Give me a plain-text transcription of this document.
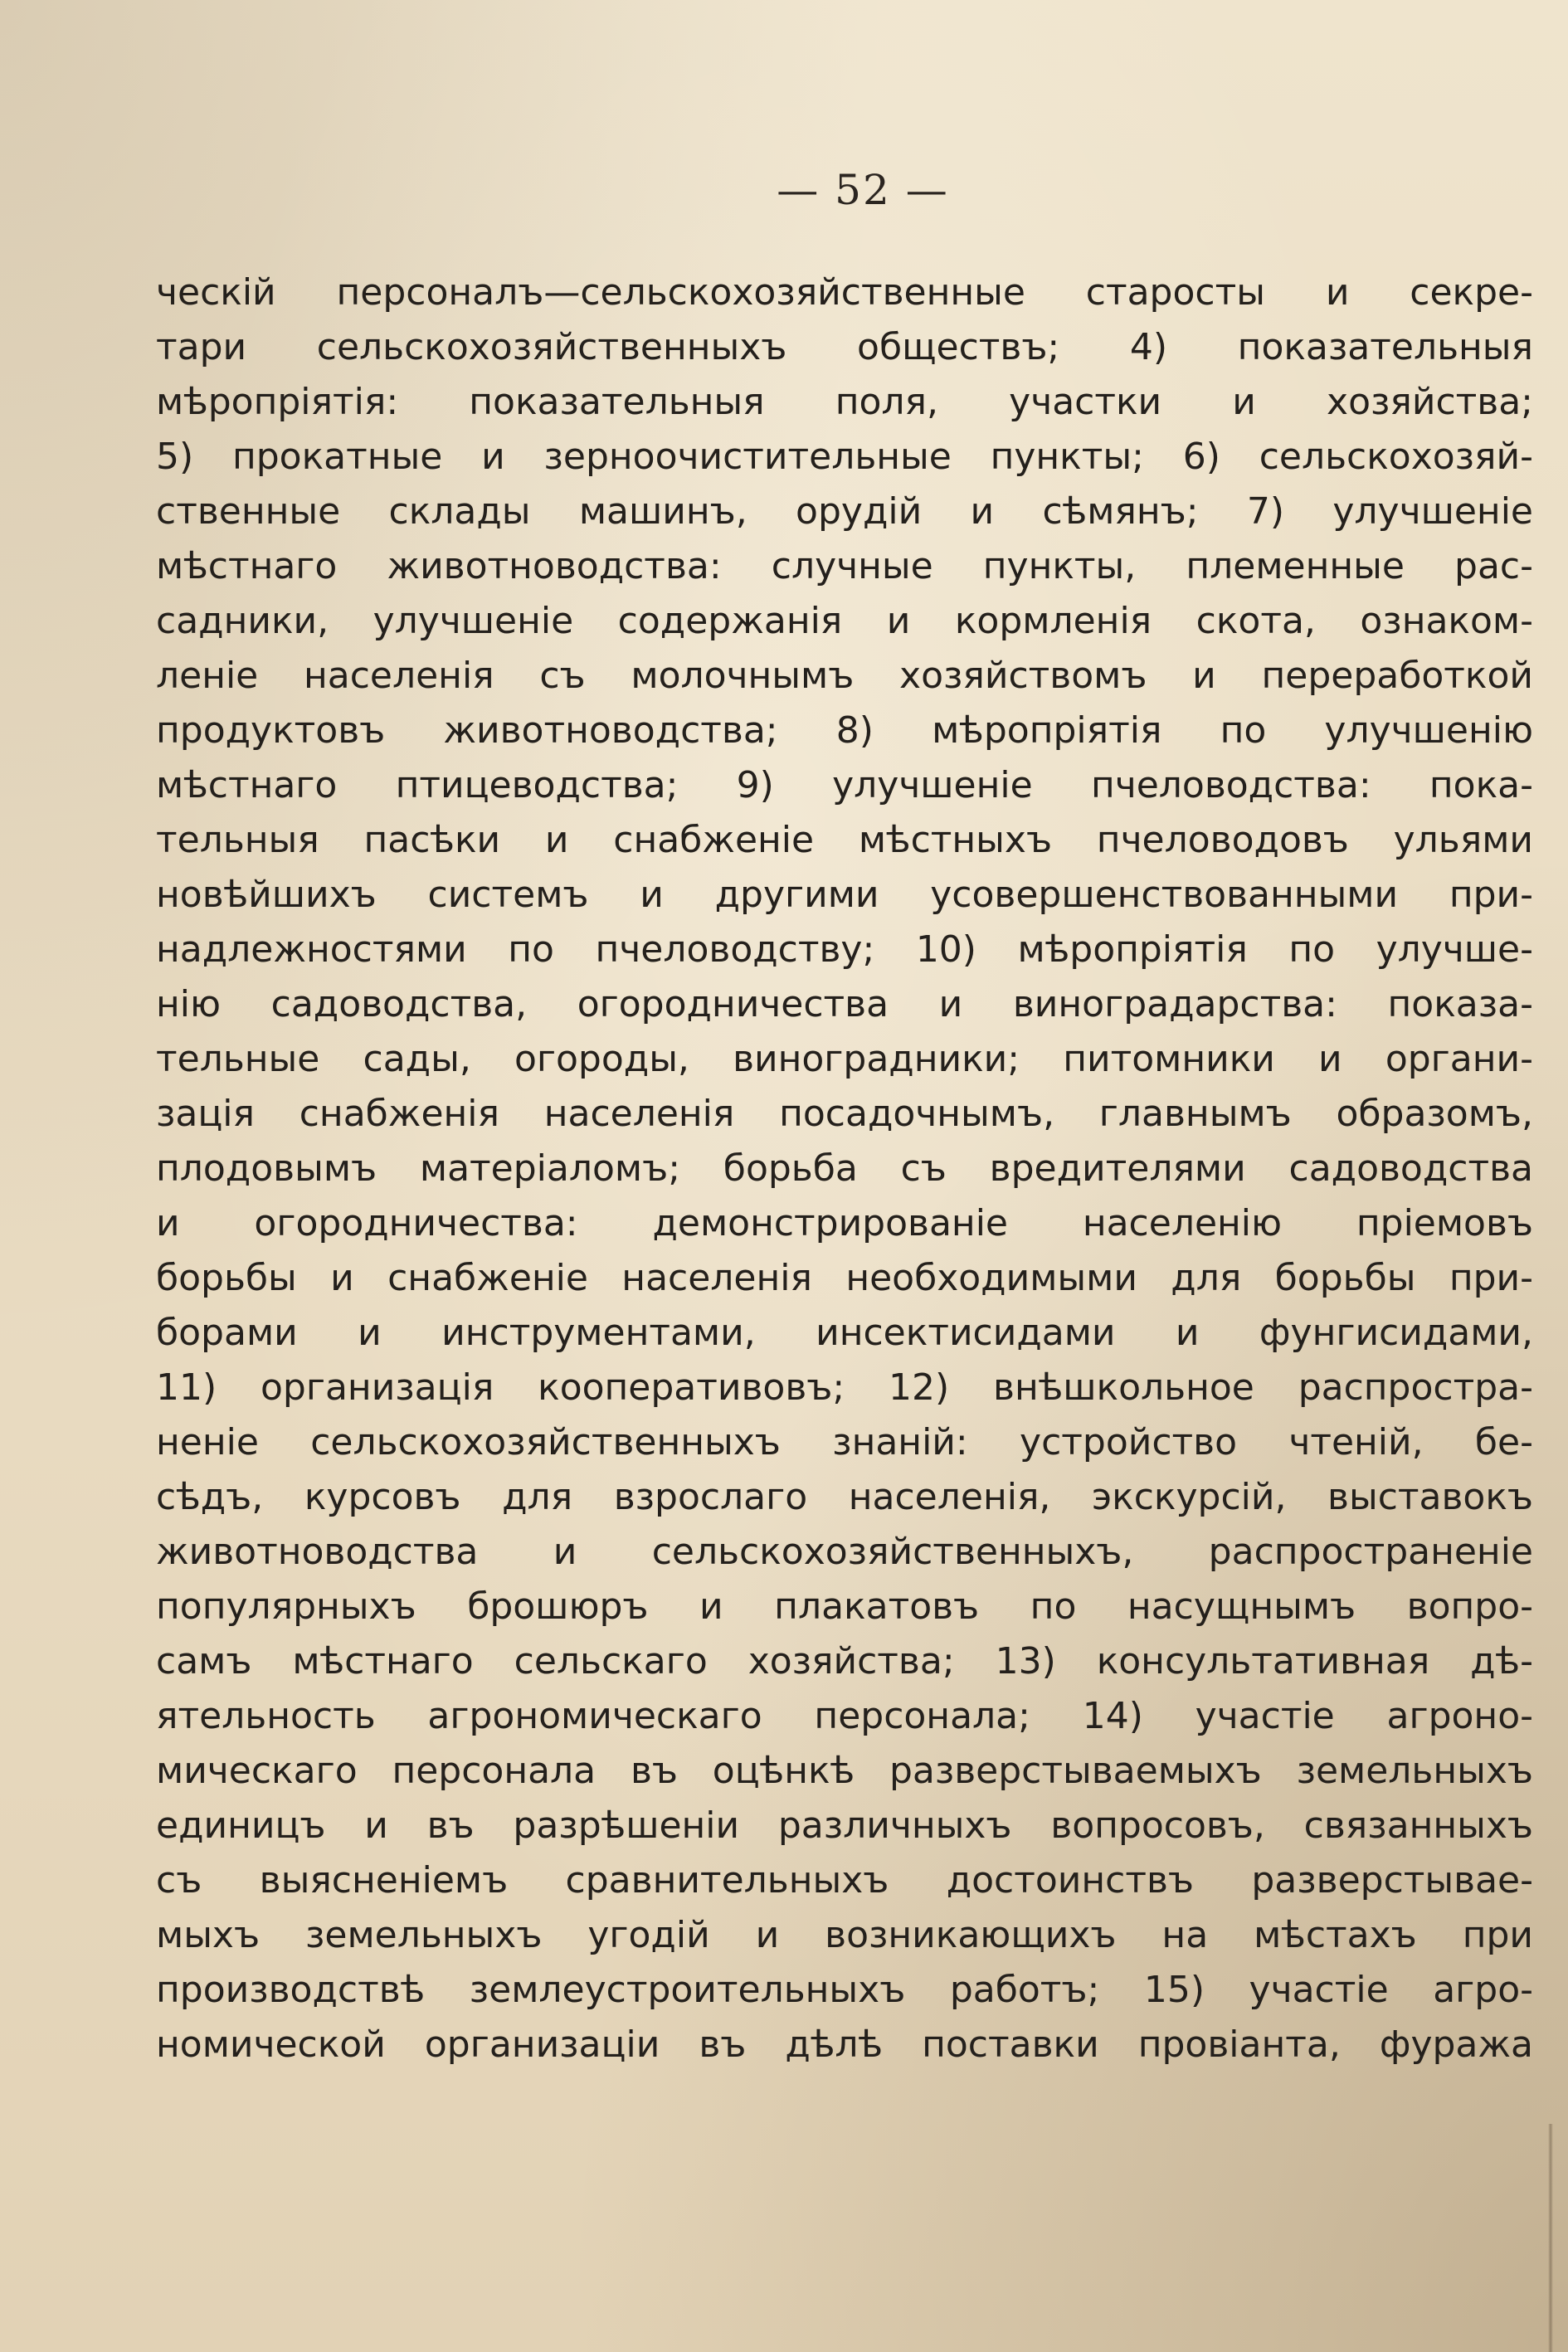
— 52 —
ческій персоналъ—сельскохозяйственные старосты и секре-
тари сельскохозяйственныхъ обществъ; 4) показательныя
мѣропріятія: показательныя поля, участки и хозяйства;
5) прокатные и зерноочистительные пункты; 6) сельскохозяй-
ственные склады машинъ, орудій и сѣмянъ; 7) улучшеніе
мѣстнаго животноводства: случные пункты, племенные рас-
садники, улучшеніе содержанія и кормленія скота, ознаком-
леніе населенія съ молочнымъ хозяйствомъ и переработкой
продуктовъ животноводства; 8) мѣропріятія по улучшенію
мѣстнаго птицеводства; 9) улучшеніе пчеловодства: пока-
тельныя пасѣки и снабженіе мѣстныхъ пчеловодовъ ульями
новѣйшихъ системъ и другими усовершенствованными при-
надлежностями по пчеловодству; 10) мѣропріятія по улучше-
нію садоводства, огородничества и виноградарства: показа-
тельные сады, огороды, виноградники; питомники и органи-
зація снабженія населенія посадочнымъ, главнымъ образомъ,
плодовымъ матеріаломъ; борьба съ вредителями садоводства
и огородничества: демонстрированіе населенію пріемовъ
борьбы и снабженіе населенія необходимыми для борьбы при-
борами и инструментами, инсектисидами и фунгисидами,
11) организація кооперативовъ; 12) внѣшкольное распростра-
неніе сельскохозяйственныхъ знаній: устройство чтеній, бе-
сѣдъ, курсовъ для взрослаго населенія, экскурсій, выставокъ
животноводства и сельскохозяйственныхъ, распространеніе
популярныхъ брошюръ и плакатовъ по насущнымъ вопро-
самъ мѣстнаго сельскаго хозяйства; 13) консультативная дѣ-
ятельность агрономическаго персонала; 14) участіе агроно-
мическаго персонала въ оцѣнкѣ разверстываемыхъ земельныхъ
единицъ и въ разрѣшеніи различныхъ вопросовъ, связанныхъ
съ выясненіемъ сравнительныхъ достоинствъ разверстывае-
мыхъ земельныхъ угодій и возникающихъ на мѣстахъ при
производствѣ землеустроительныхъ работъ; 15) участіе агро-
номической организаціи въ дѣлѣ поставки провіанта, фуража
